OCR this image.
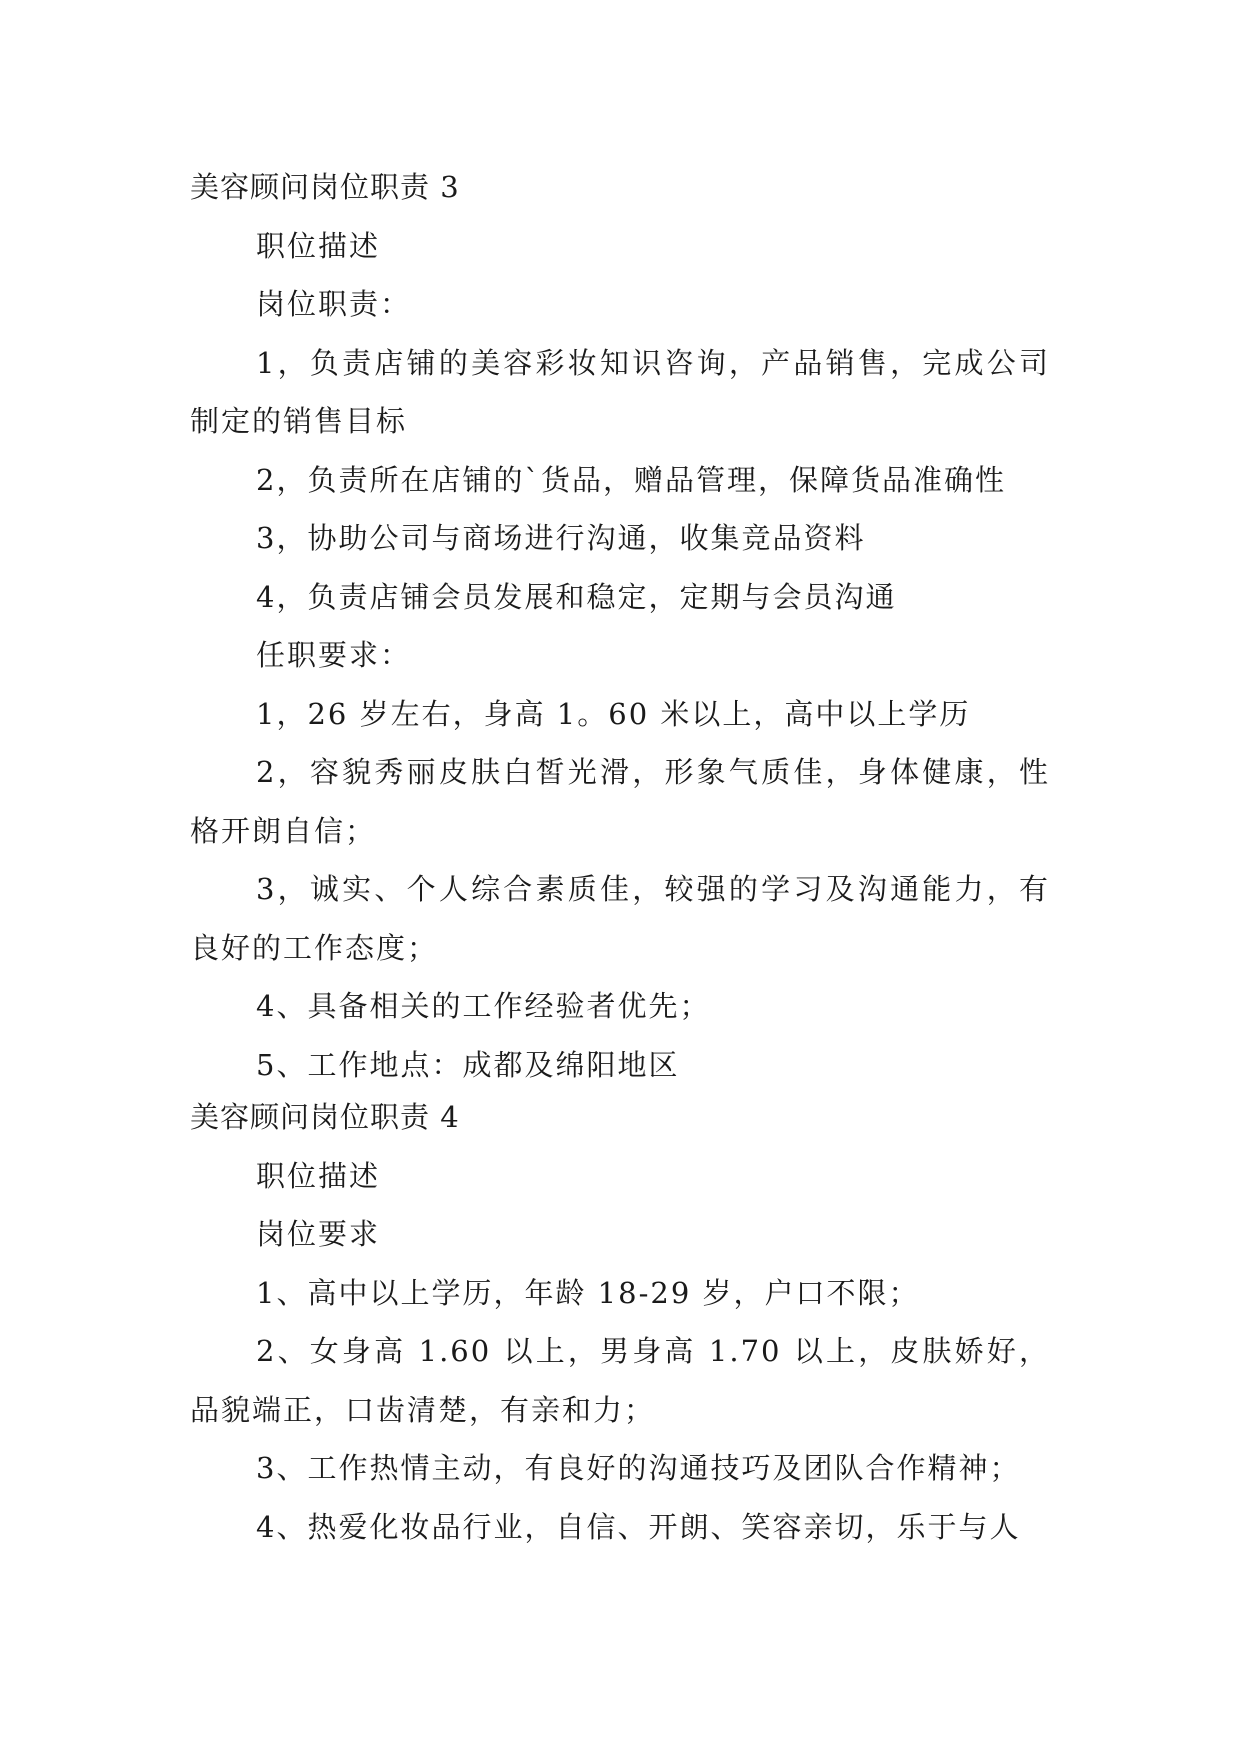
美容顾问岗位职责 3
职位描述
岗位职责：
1，负责店铺的美容彩妆知识咨询，产品销售，完成公司制定的销售目标
2，负责所在店铺的`货品，赠品管理，保障货品准确性
3，协助公司与商场进行沟通，收集竞品资料
4，负责店铺会员发展和稳定，定期与会员沟通
任职要求：
1，26 岁左右，身高 1。60 米以上，高中以上学历
2，容貌秀丽皮肤白皙光滑，形象气质佳，身体健康，性格开朗自信；
3，诚实、个人综合素质佳，较强的学习及沟通能力，有良好的工作态度；
4、具备相关的工作经验者优先；
5、工作地点：成都及绵阳地区
美容顾问岗位职责 4
职位描述
岗位要求
1、高中以上学历，年龄 18-29 岁，户口不限；
2、女身高 1.60 以上，男身高 1.70 以上，皮肤娇好，品貌端正，口齿清楚，有亲和力；
3、工作热情主动，有良好的沟通技巧及团队合作精神；
4、热爱化妆品行业，自信、开朗、笑容亲切，乐于与人
